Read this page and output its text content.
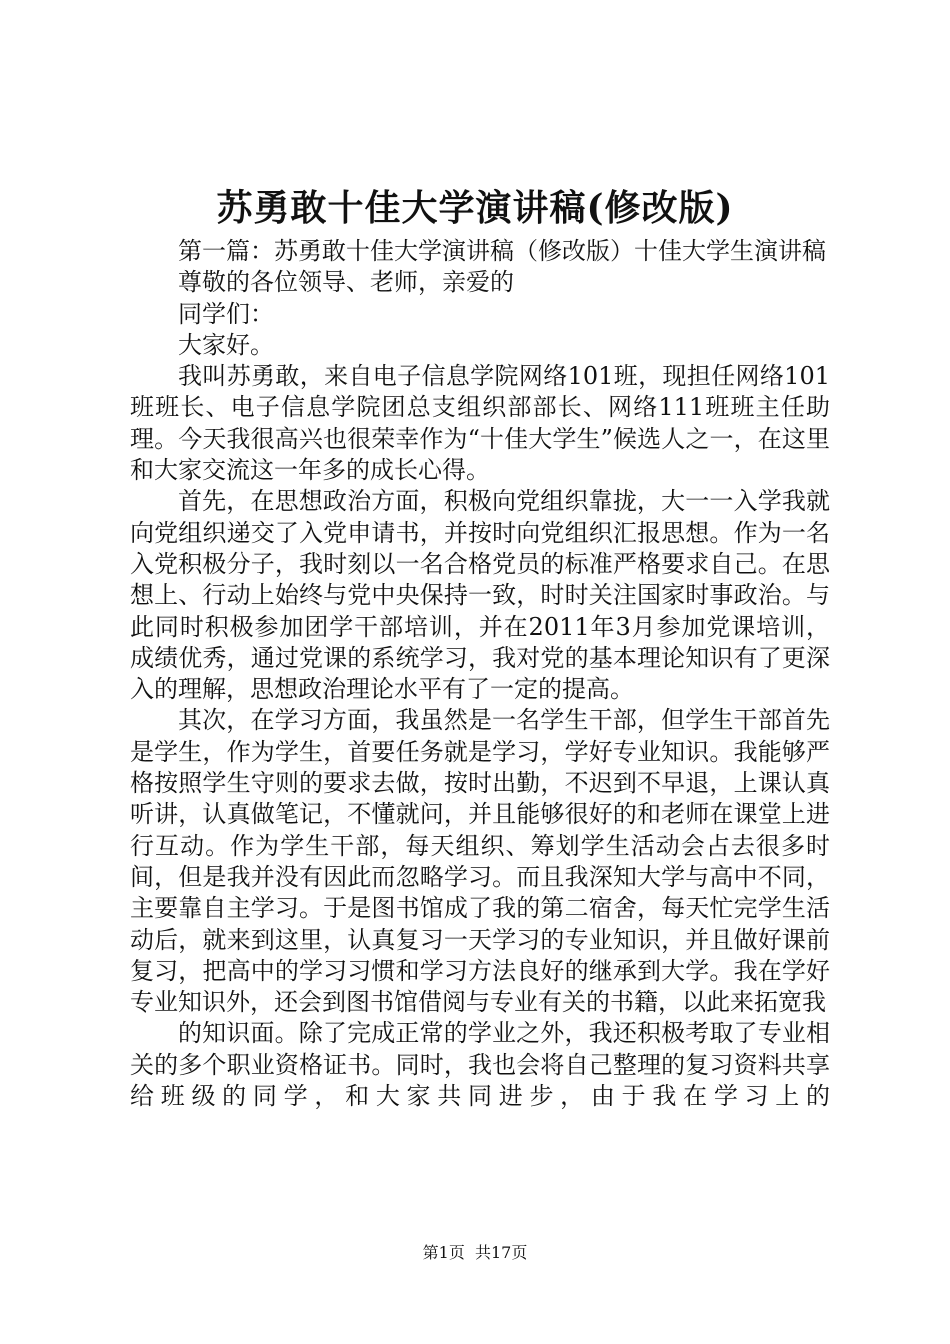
苏勇敢十佳大学演讲稿(修改版)

第一篇：苏勇敢十佳大学演讲稿（修改版）十佳大学生演讲稿

尊敬的各位领导、老师，亲爱的

同学们：

大家好。

我叫苏勇敢，来自电子信息学院网络101班，现担任网络101班班长、电子信息学院团总支组织部部长、网络111班班主任助理。今天我很高兴也很荣幸作为“十佳大学生”候选人之一，在这里和大家交流这一年多的成长心得。

首先，在思想政治方面，积极向党组织靠拢，大一一入学我就向党组织递交了入党申请书，并按时向党组织汇报思想。作为一名入党积极分子，我时刻以一名合格党员的标准严格要求自己。在思想上、行动上始终与党中央保持一致，时时关注国家时事政治。与此同时积极参加团学干部培训，并在2011年3月参加党课培训，成绩优秀，通过党课的系统学习，我对党的基本理论知识有了更深入的理解，思想政治理论水平有了一定的提高。

其次，在学习方面，我虽然是一名学生干部，但学生干部首先是学生，作为学生，首要任务就是学习，学好专业知识。我能够严格按照学生守则的要求去做，按时出勤，不迟到不早退，上课认真听讲，认真做笔记，不懂就问，并且能够很好的和老师在课堂上进行互动。作为学生干部，每天组织、筹划学生活动会占去很多时间，但是我并没有因此而忽略学习。而且我深知大学与高中不同，主要靠自主学习。于是图书馆成了我的第二宿舍，每天忙完学生活动后，就来到这里，认真复习一天学习的专业知识，并且做好课前复习，把高中的学习习惯和学习方法良好的继承到大学。我在学好专业知识外，还会到图书馆借阅与专业有关的书籍，以此来拓宽我

的知识面。除了完成正常的学业之外，我还积极考取了专业相关的多个职业资格证书。同时，我也会将自己整理的复习资料共享给班级的同学，和大家共同进步，由于我在学习上的

第1页  共17页
